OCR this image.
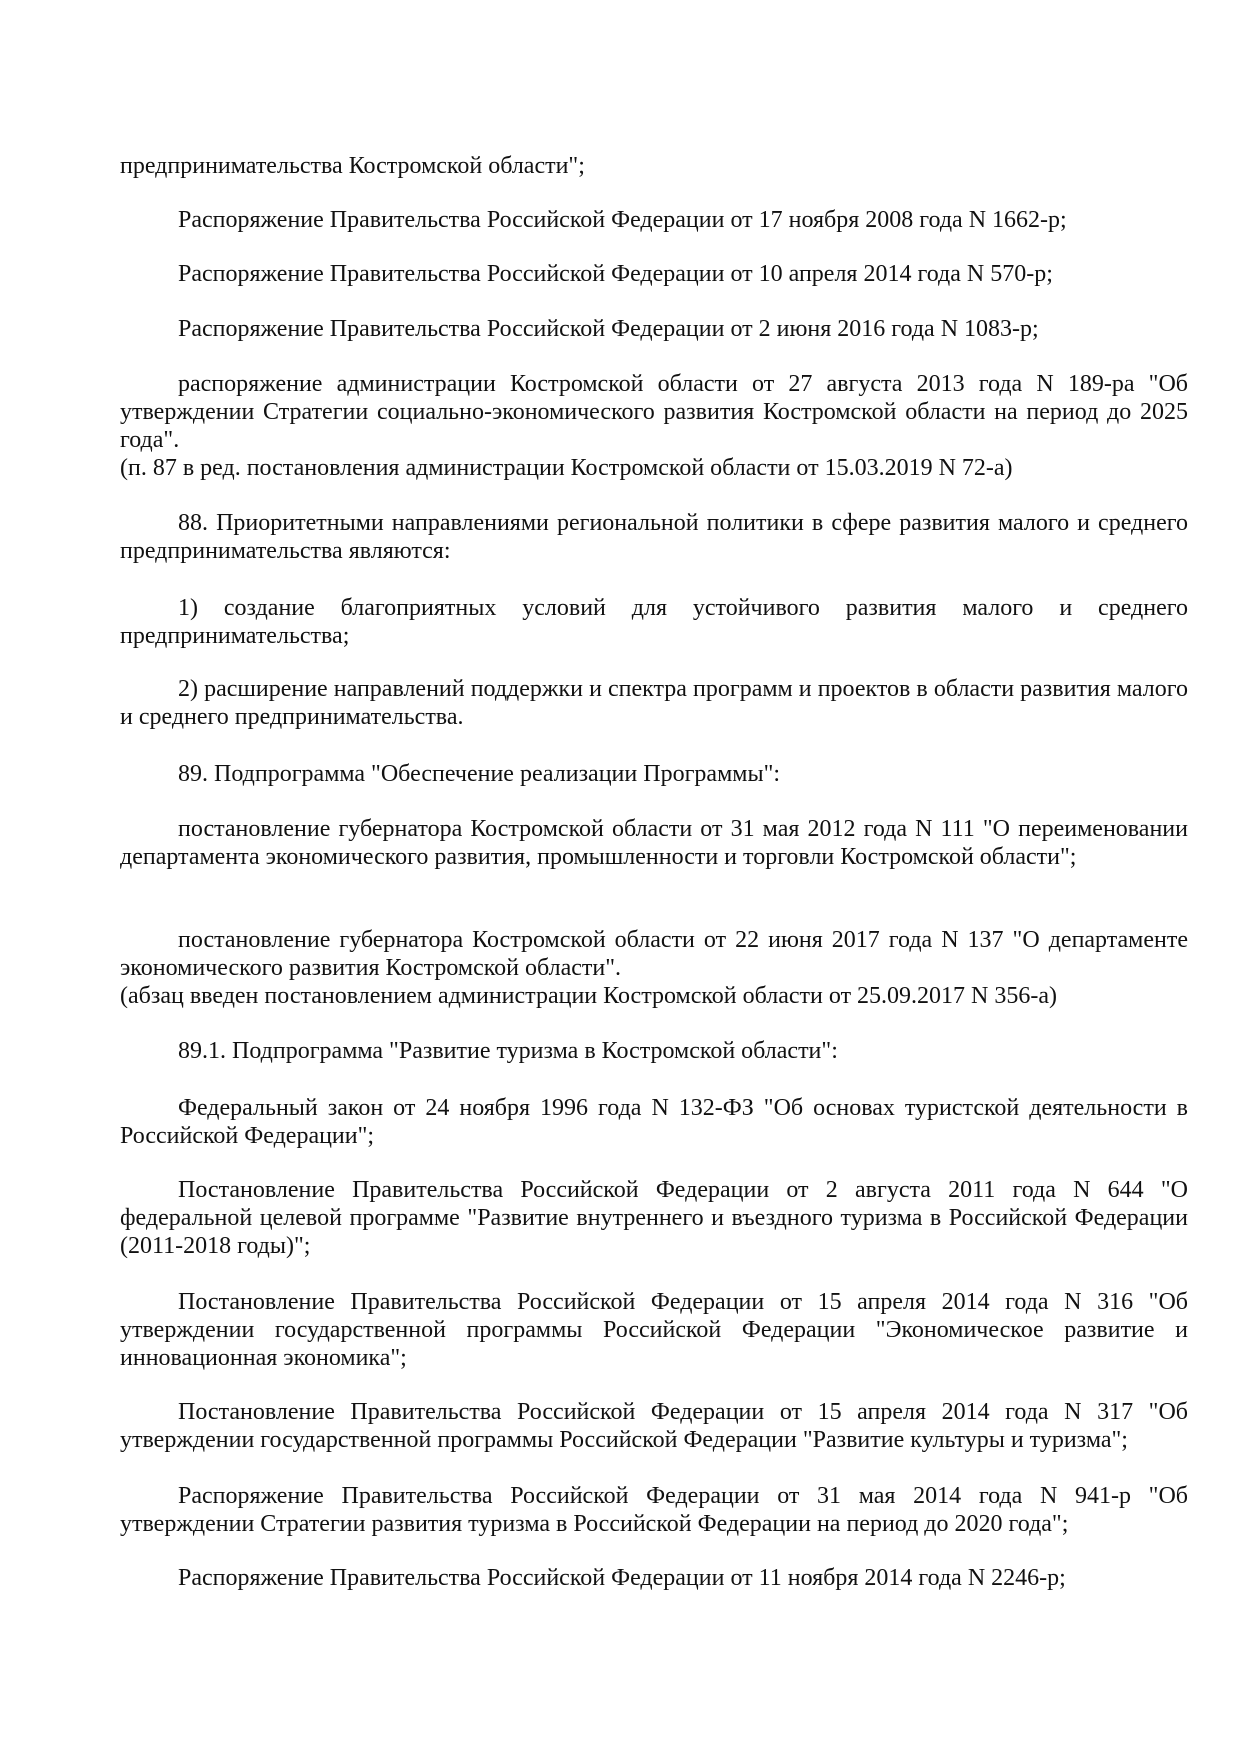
предпринимательства Костромской области";

Распоряжение Правительства Российской Федерации от 17 ноября 2008 года N 1662-р;

Распоряжение Правительства Российской Федерации от 10 апреля 2014 года N 570-р;

Распоряжение Правительства Российской Федерации от 2 июня 2016 года N 1083-р;

распоряжение администрации Костромской области от 27 августа 2013 года N 189-ра "Об утверждении Стратегии социально-экономического развития Костромской области на период до 2025 года".

(п. 87 в ред. постановления администрации Костромской области от 15.03.2019 N 72-а)

88. Приоритетными направлениями региональной политики в сфере развития малого и среднего предпринимательства являются:

1) создание благоприятных условий для устойчивого развития малого и среднего предпринимательства;

2) расширение направлений поддержки и спектра программ и проектов в области развития малого и среднего предпринимательства.

89. Подпрограмма "Обеспечение реализации Программы":

постановление губернатора Костромской области от 31 мая 2012 года N 111 "О переименовании департамента экономического развития, промышленности и торговли Костромской области";

постановление губернатора Костромской области от 22 июня 2017 года N 137 "О департаменте экономического развития Костромской области".

(абзац введен постановлением администрации Костромской области от 25.09.2017 N 356-а)

89.1. Подпрограмма "Развитие туризма в Костромской области":

Федеральный закон от 24 ноября 1996 года N 132-ФЗ "Об основах туристской деятельности в Российской Федерации";

Постановление Правительства Российской Федерации от 2 августа 2011 года N 644 "О федеральной целевой программе "Развитие внутреннего и въездного туризма в Российской Федерации (2011-2018 годы)";

Постановление Правительства Российской Федерации от 15 апреля 2014 года N 316 "Об утверждении государственной программы Российской Федерации "Экономическое развитие и инновационная экономика";

Постановление Правительства Российской Федерации от 15 апреля 2014 года N 317 "Об утверждении государственной программы Российской Федерации "Развитие культуры и туризма";

Распоряжение Правительства Российской Федерации от 31 мая 2014 года N 941-р "Об утверждении Стратегии развития туризма в Российской Федерации на период до 2020 года";

Распоряжение Правительства Российской Федерации от 11 ноября 2014 года N 2246-р;
